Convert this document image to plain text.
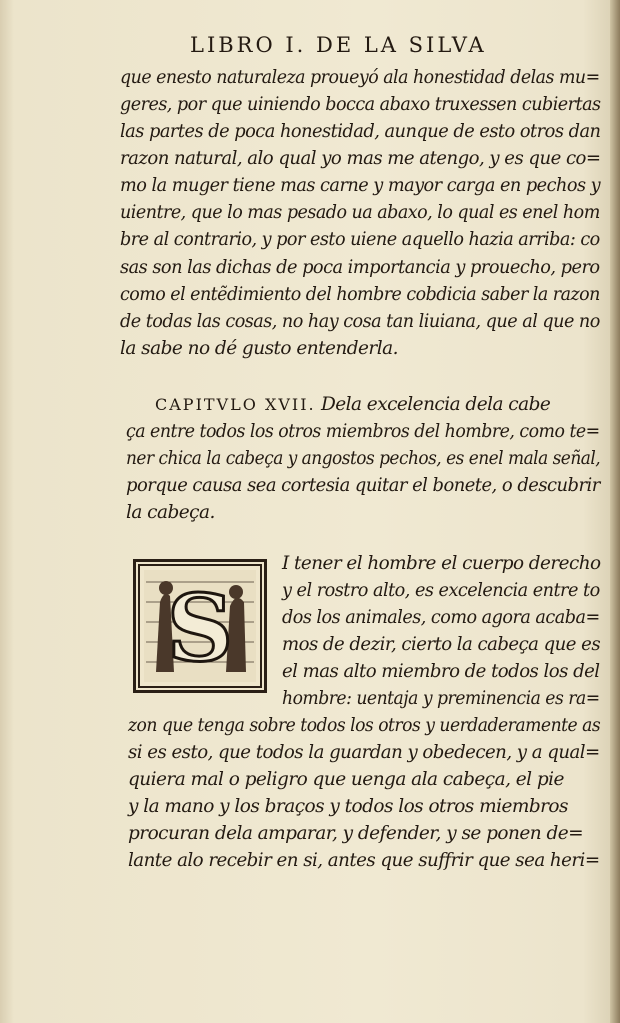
LIBRO I. DE LA SILVA
que enesto naturaleza proueyó ala honestidad delas mu=
geres, por que uiniendo bocca abaxo truxessen cubiertas
las partes de poca honestidad, aunque de esto otros dan
razon natural, alo qual yo mas me atengo, y es que co=
mo la muger tiene mas carne y mayor carga en pechos y
uientre, que lo mas pesado ua abaxo, lo qual es enel hom
bre al contrario, y por esto uiene aquello hazia arriba: co
sas son las dichas de poca importancia y prouecho, pero
como el entẽdimiento del hombre cobdicia saber la razon
de todas las cosas, no hay cosa tan liuiana, que al que no
la sabe no dé gusto entenderla.
CAPITVLO XVII. Dela excelencia dela cabe
ça entre todos los otros miembros del hombre, como te=
ner chica la cabeça y angostos pechos, es enel mala señal,
porque causa sea cortesia quitar el bonete, o descubrir
la cabeça.
S
I tener el hombre el cuerpo derecho
y el rostro alto, es excelencia entre to
dos los animales, como agora acaba=
mos de dezir, cierto la cabeça que es
el mas alto miembro de todos los del
hombre: uentaja y preminencia es ra=
zon que tenga sobre todos los otros y uerdaderamente as
si es esto, que todos la guardan y obedecen, y a qual=
quiera mal o peligro que uenga ala cabeça, el pie
y la mano y los braços y todos los otros miembros
procuran dela amparar, y defender, y se ponen de=
lante alo recebir en si, antes que suffrir que sea heri=
